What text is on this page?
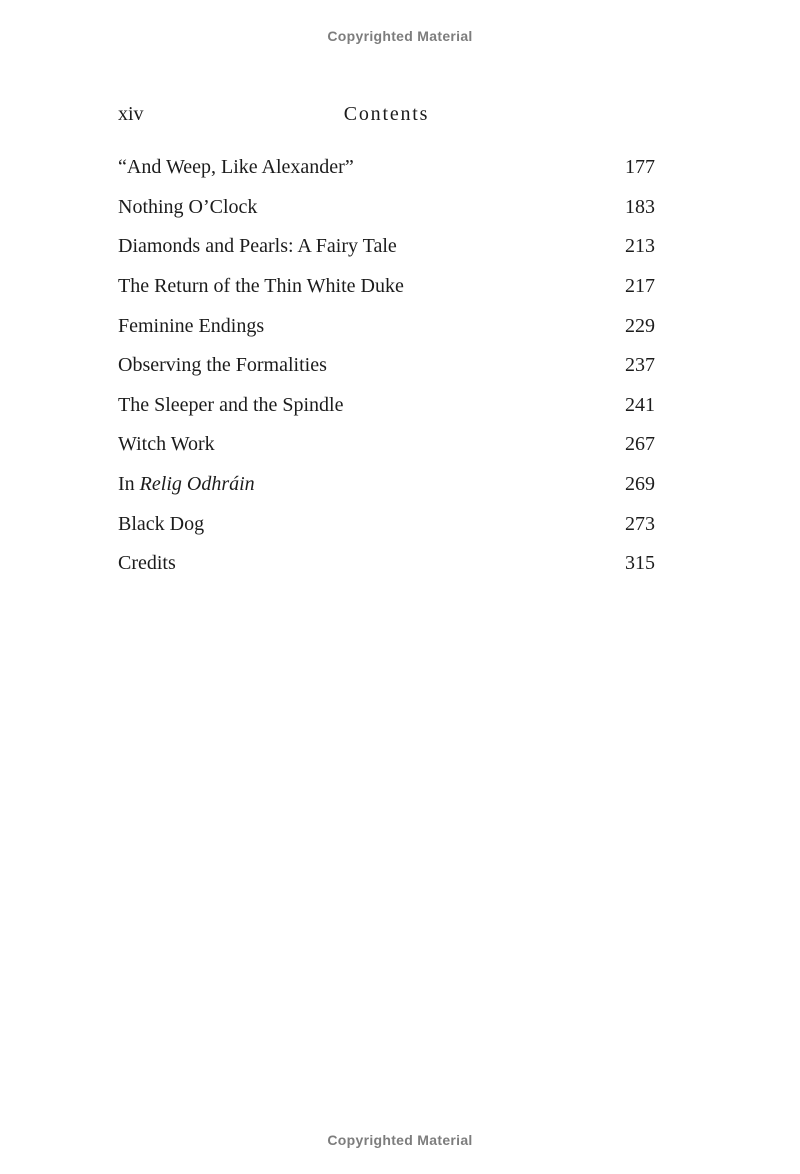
Copyrighted Material
xiv	Contents
“And Weep, Like Alexander”	177
Nothing O’Clock	183
Diamonds and Pearls: A Fairy Tale	213
The Return of the Thin White Duke	217
Feminine Endings	229
Observing the Formalities	237
The Sleeper and the Spindle	241
Witch Work	267
In Relig Odhráin	269
Black Dog	273
Credits	315
Copyrighted Material
